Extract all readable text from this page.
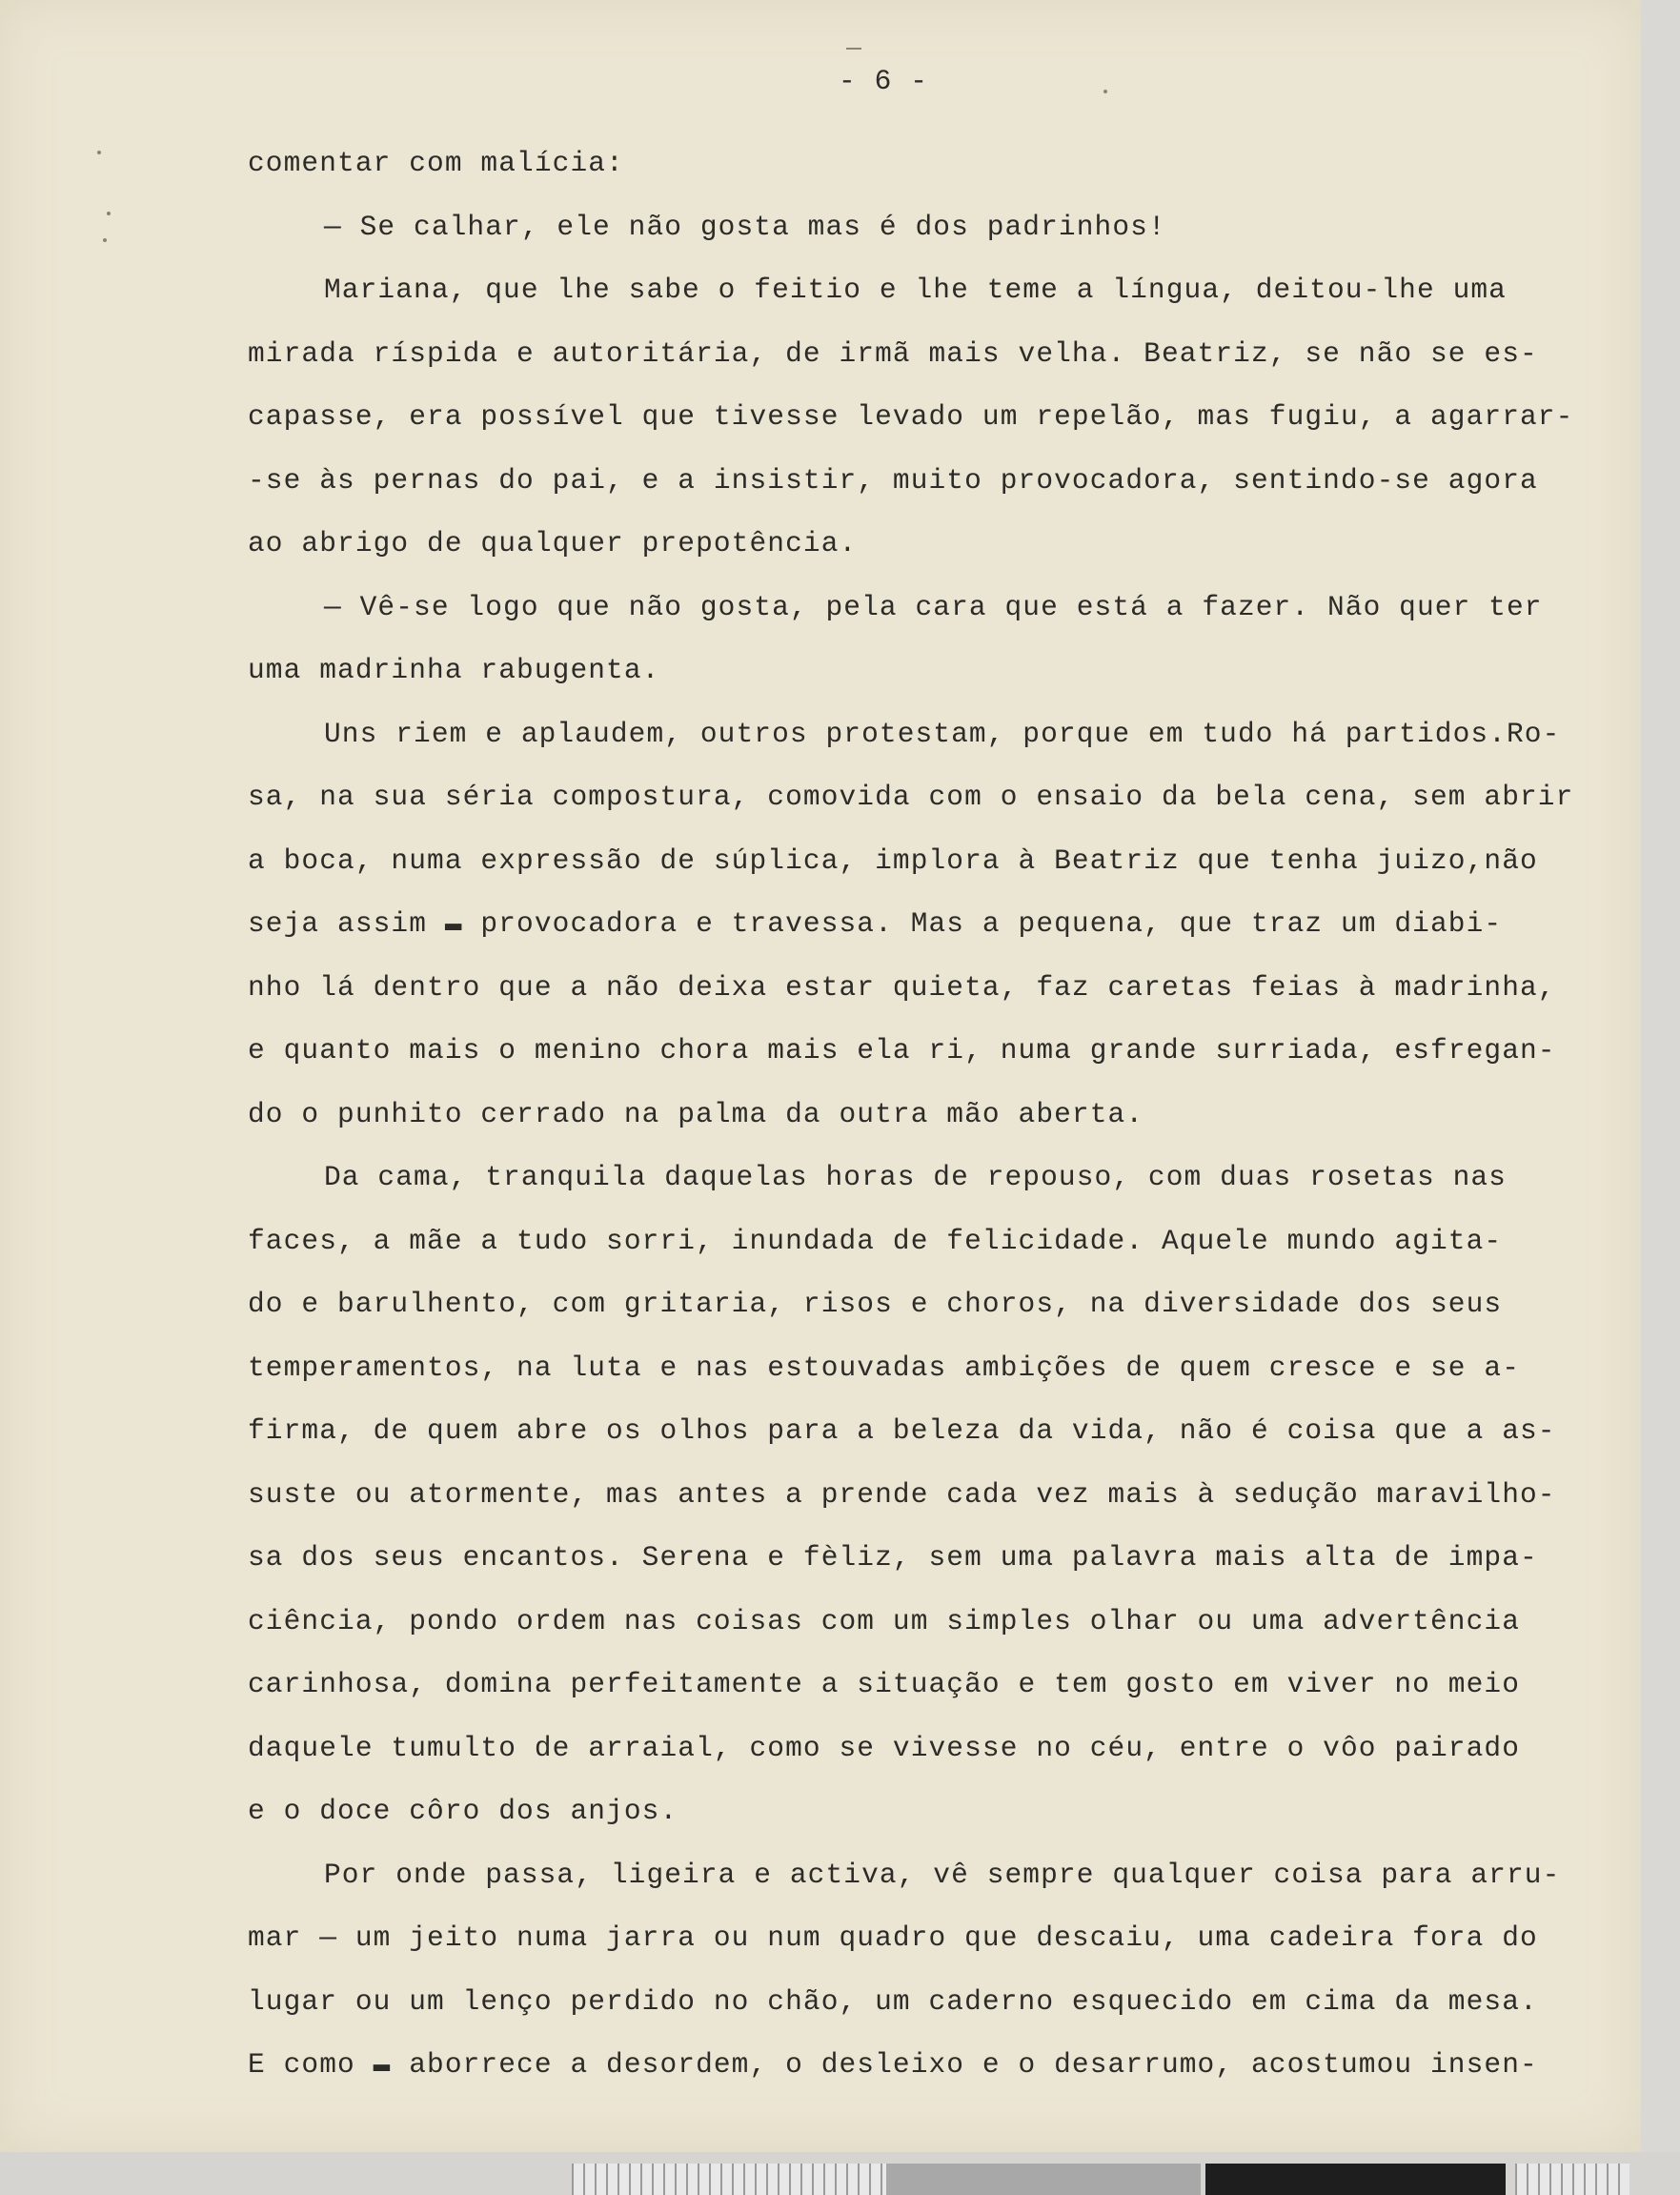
- 6 -
comentar com malícia:
— Se calhar, ele não gosta mas é dos padrinhos!
Mariana, que lhe sabe o feitio e lhe teme a língua, deitou-lhe uma
mirada ríspida e autoritária, de irmã mais velha. Beatriz, se não se es-
capasse, era possível que tivesse levado um repelão, mas fugiu, a agarrar-
-se às pernas do pai, e a insistir, muito provocadora, sentindo-se agora
ao abrigo de qualquer prepotência.
— Vê-se logo que não gosta, pela cara que está a fazer. Não quer ter
uma madrinha rabugenta.
Uns riem e aplaudem, outros protestam, porque em tudo há partidos.Ro-
sa, na sua séria compostura, comovida com o ensaio da bela cena, sem abrir
a boca, numa expressão de súplica, implora à Beatriz que tenha juizo,não
seja assim ▬ provocadora e travessa. Mas a pequena, que traz um diabi-
nho lá dentro que a não deixa estar quieta, faz caretas feias à madrinha,
e quanto mais o menino chora mais ela ri, numa grande surriada, esfregan-
do o punhito cerrado na palma da outra mão aberta.
Da cama, tranquila daquelas horas de repouso, com duas rosetas nas
faces, a mãe a tudo sorri, inundada de felicidade. Aquele mundo agita-
do e barulhento, com gritaria, risos e choros, na diversidade dos seus
temperamentos, na luta e nas estouvadas ambições de quem cresce e se a-
firma, de quem abre os olhos para a beleza da vida, não é coisa que a as-
suste ou atormente, mas antes a prende cada vez mais à sedução maravilho-
sa dos seus encantos. Serena e fèliz, sem uma palavra mais alta de impa-
ciência, pondo ordem nas coisas com um simples olhar ou uma advertência
carinhosa, domina perfeitamente a situação e tem gosto em viver no meio
daquele tumulto de arraial, como se vivesse no céu, entre o vôo pairado
e o doce côro dos anjos.
Por onde passa, ligeira e activa, vê sempre qualquer coisa para arru-
mar — um jeito numa jarra ou num quadro que descaiu, uma cadeira fora do
lugar ou um lenço perdido no chão, um caderno esquecido em cima da mesa.
E como ▬ aborrece a desordem, o desleixo e o desarrumo, acostumou insen-
